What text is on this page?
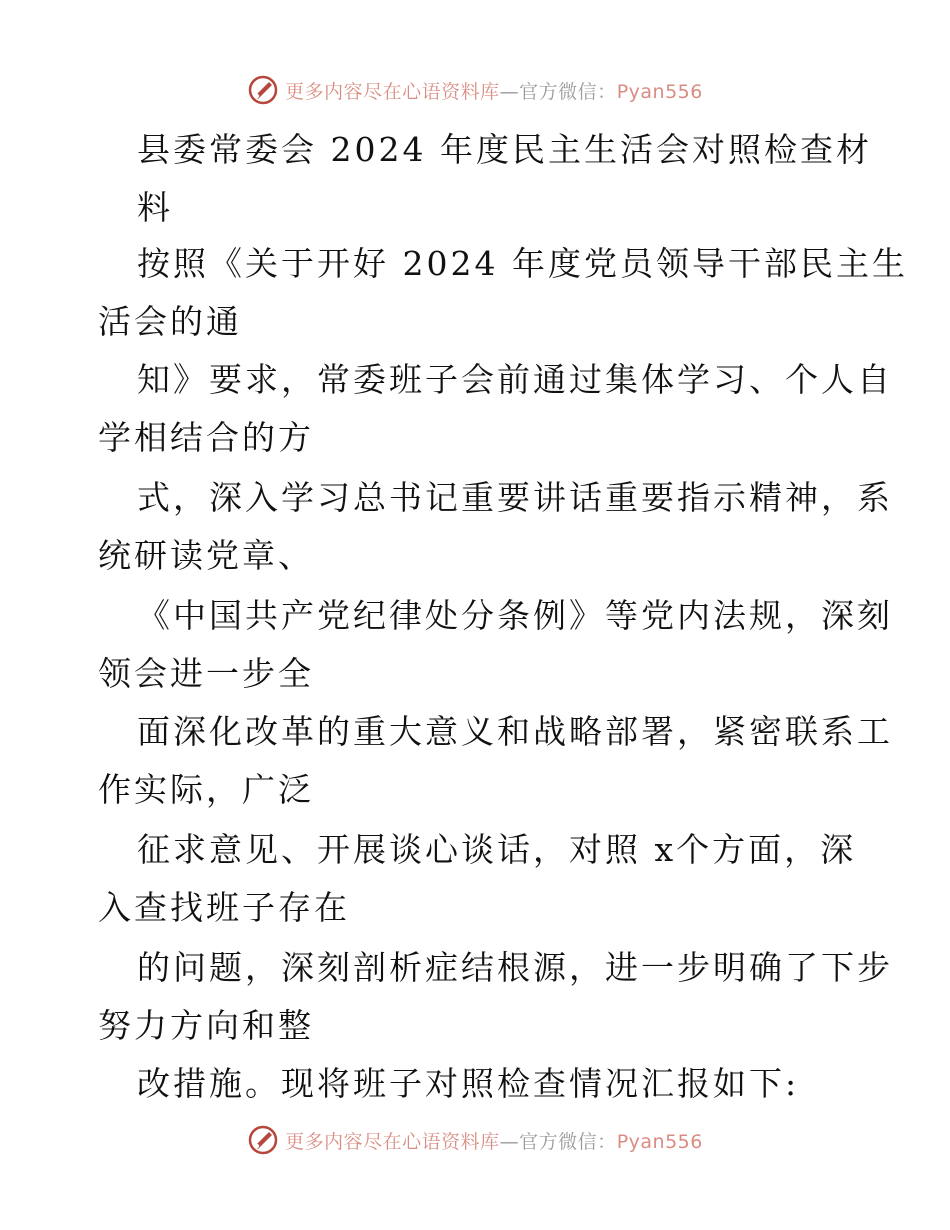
更多内容尽在心语资料库—官方微信：Pyan556
县委常委会 2024 年度民主生活会对照检查材
料
按照《关于开好 2024 年度党员领导干部民主生
活会的通
知》要求，常委班子会前通过集体学习、个人自
学相结合的方
式，深入学习总书记重要讲话重要指示精神，系
统研读党章、
《中国共产党纪律处分条例》等党内法规，深刻
领会进一步全
面深化改革的重大意义和战略部署，紧密联系工
作实际，广泛
征求意见、开展谈心谈话，对照 x个方面，深
入查找班子存在
的问题，深刻剖析症结根源，进一步明确了下步
努力方向和整
改措施。现将班子对照检查情况汇报如下:
更多内容尽在心语资料库—官方微信：Pyan556
